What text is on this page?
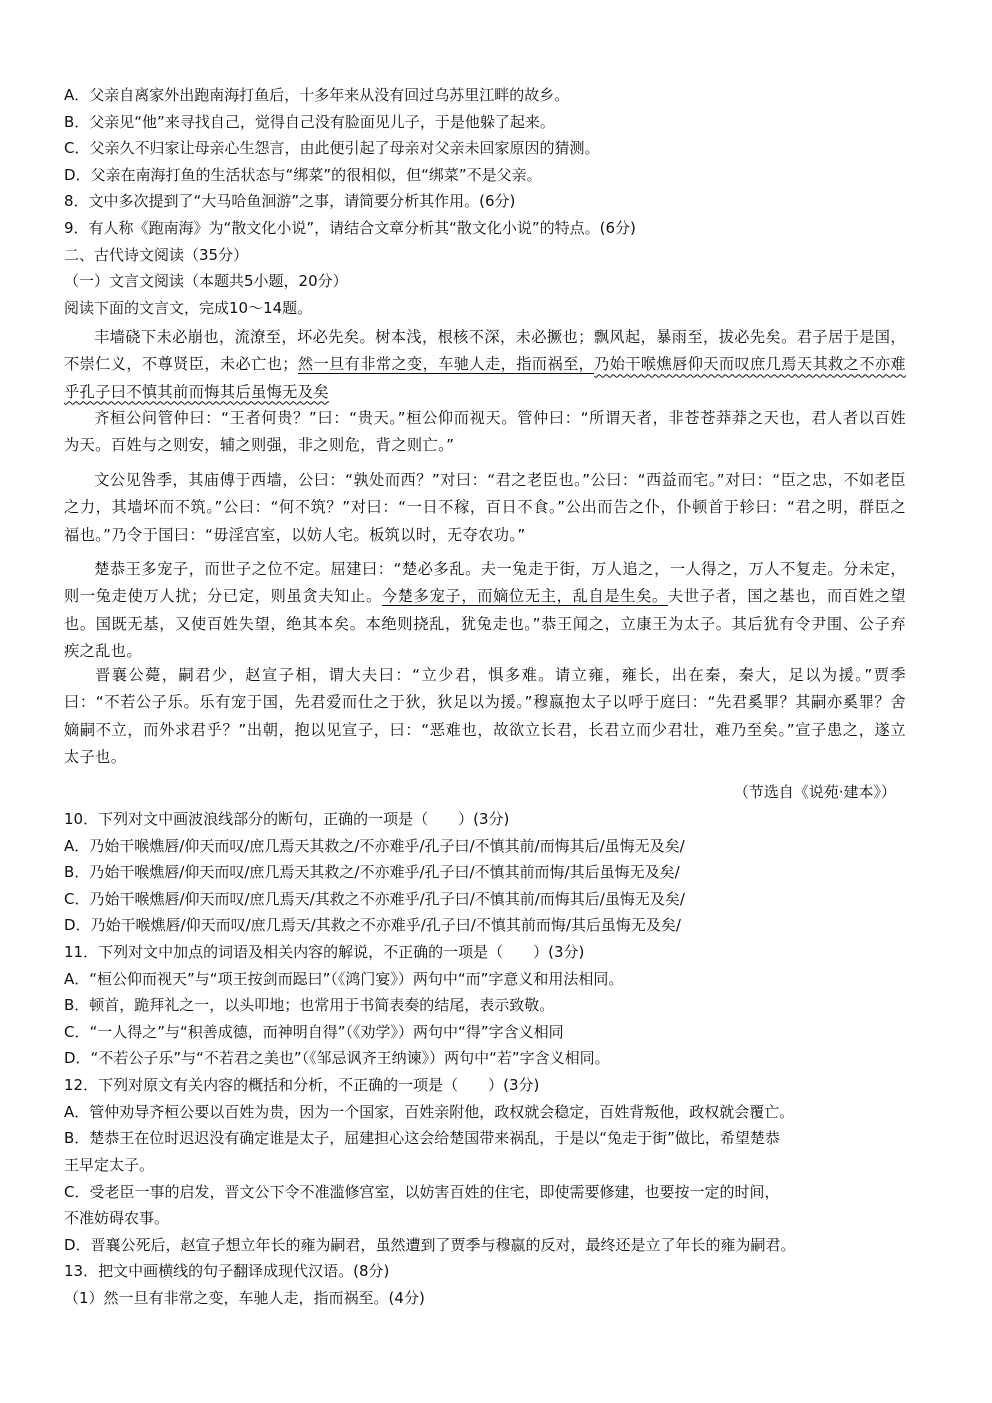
A．父亲自离家外出跑南海打鱼后，十多年来从没有回过乌苏里江畔的故乡。
B．父亲见“他”来寻找自己，觉得自己没有脸面见儿子，于是他躲了起来。
C．父亲久不归家让母亲心生怨言，由此便引起了母亲对父亲未回家原因的猜测。
D．父亲在南海打鱼的生活状态与“绑菜”的很相似，但“绑菜”不是父亲。
8．文中多次提到了“大马哈鱼洄游”之事，请简要分析其作用。(6分)
9．有人称《跑南海》为“散文化小说”，请结合文章分析其“散文化小说”的特点。(6分)
二、古代诗文阅读（35分）
（一）文言文阅读（本题共5小题，20分）
阅读下面的文言文，完成10～14题。
丰墙硗下未必崩也，流潦至，坏必先矣。树本浅，根核不深，未必撅也；飘风起，暴雨至，拔必先矣。君子居于是国，不崇仁义，不尊贤臣，未必亡也；然一旦有非常之变，车驰人走，指而祸至，乃始干喉燋唇仰天而叹庶几焉天其救之不亦难乎孔子曰不慎其前而悔其后虽悔无及矣
齐桓公问管仲曰：“王者何贵？”曰：“贵天。”桓公仰而视天。管仲曰：“所谓天者，非苍苍莽莽之天也，君人者以百姓为天。百姓与之则安，辅之则强，非之则危，背之则亡。”
文公见咎季，其庙傅于西墙，公曰：“孰处而西？”对曰：“君之老臣也。”公曰：“西益而宅。”对曰：“臣之忠，不如老臣之力，其墙坏而不筑。”公曰：“何不筑？”对曰：“一日不稼，百日不食。”公出而告之仆，仆顿首于轸曰：“君之明，群臣之福也。”乃令于国曰：“毋淫宫室，以妨人宅。板筑以时，无夺农功。”
楚恭王多宠子，而世子之位不定。屈建曰：“楚必多乱。夫一兔走于街，万人追之，一人得之，万人不复走。分未定，则一兔走使万人扰；分已定，则虽贪夫知止。今楚多宠子，而嫡位无主，乱自是生矣。夫世子者，国之基也，而百姓之望也。国既无基，又使百姓失望，绝其本矣。本绝则挠乱，犹兔走也。”恭王闻之，立康王为太子。其后犹有令尹围、公子弃疾之乱也。
晋襄公薨，嗣君少，赵宣子相，谓大夫曰：“立少君，惧多难。请立雍，雍长，出在秦，秦大，足以为援。”贾季曰：“不若公子乐。乐有宠于国，先君爱而仕之于狄，狄足以为援。”穆嬴抱太子以呼于庭曰：“先君奚罪？其嗣亦奚罪？舍嫡嗣不立，而外求君乎？”出朝，抱以见宣子，曰：“恶难也，故欲立长君，长君立而少君壮，难乃至矣。”宣子患之，遂立太子也。
（节选自《说苑·建本》）
10．下列对文中画波浪线部分的断句，正确的一项是（　　）(3分)
A．乃始干喉燋唇/仰天而叹/庶几焉天其救之/不亦难乎/孔子曰/不慎其前/而悔其后/虽悔无及矣/
B．乃始干喉燋唇/仰天而叹/庶几焉天其救之/不亦难乎/孔子曰/不慎其前而悔/其后虽悔无及矣/
C．乃始干喉燋唇/仰天而叹/庶几焉天/其救之不亦难乎/孔子曰/不慎其前/而悔其后/虽悔无及矣/
D．乃始干喉燋唇/仰天而叹/庶几焉天/其救之不亦难乎/孔子曰/不慎其前而悔/其后虽悔无及矣/
11．下列对文中加点的词语及相关内容的解说，不正确的一项是（　　）(3分)
A．“桓公仰而视天”与“项王按剑而跽曰”（《鸿门宴》）两句中“而”字意义和用法相同。
B．顿首，跪拜礼之一，以头叩地；也常用于书简表奏的结尾，表示致敬。
C．“一人得之”与“积善成德，而神明自得”（《劝学》）两句中“得”字含义相同
D．“不若公子乐”与“不若君之美也”（《邹忌讽齐王纳谏》）两句中“若”字含义相同。
12．下列对原文有关内容的概括和分析，不正确的一项是（　　）(3分)
A．管仲劝导齐桓公要以百姓为贵，因为一个国家，百姓亲附他，政权就会稳定，百姓背叛他，政权就会覆亡。
B．楚恭王在位时迟迟没有确定谁是太子，屈建担心这会给楚国带来祸乱，于是以“兔走于街”做比，希望楚恭
王早定太子。
C．受老臣一事的启发，晋文公下令不准滥修宫室，以妨害百姓的住宅，即使需要修建，也要按一定的时间，
不准妨碍农事。
D．晋襄公死后，赵宣子想立年长的雍为嗣君，虽然遭到了贾季与穆嬴的反对，最终还是立了年长的雍为嗣君。
13．把文中画横线的句子翻译成现代汉语。(8分)
（1）然一旦有非常之变，车驰人走，指而祸至。(4分)
